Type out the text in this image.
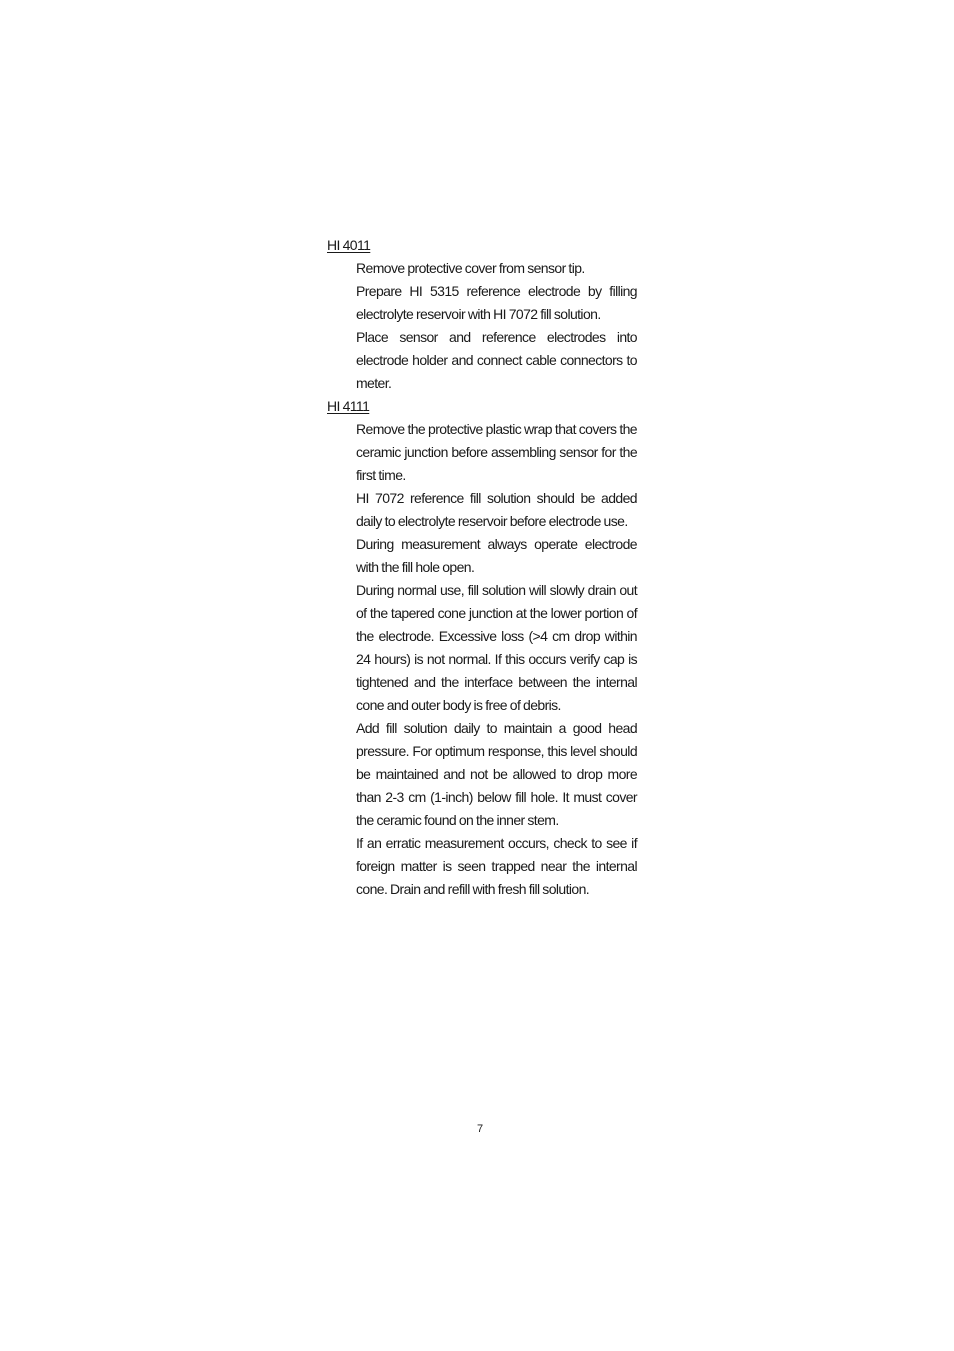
HI 4011

Remove protective cover from sensor tip.

Prepare HI 5315 reference electrode by filling electrolyte reservoir with HI 7072 fill solution.

Place sensor and reference electrodes into electrode holder and connect cable connectors to meter.

HI 4111

Remove the protective plastic wrap that covers the ceramic junction before assembling sensor for the first time.

HI 7072 reference fill solution should be added daily to electrolyte reservoir before electrode use.

During measurement always operate electrode with the fill hole open.

During normal use, fill solution will slowly drain out of the tapered cone junction at the lower portion of the electrode. Excessive loss (>4 cm drop within 24 hours) is not normal. If this occurs verify cap is tightened and the interface between the internal cone and outer body is free of debris.

Add fill solution daily to maintain a good head pressure. For optimum response, this level should be maintained and not be allowed to drop more than 2-3 cm (1-inch) below fill hole. It must cover the ceramic found on the inner stem.

If an erratic measurement occurs, check to see if foreign matter is seen trapped near the internal cone. Drain and refill with fresh fill solution.

7
